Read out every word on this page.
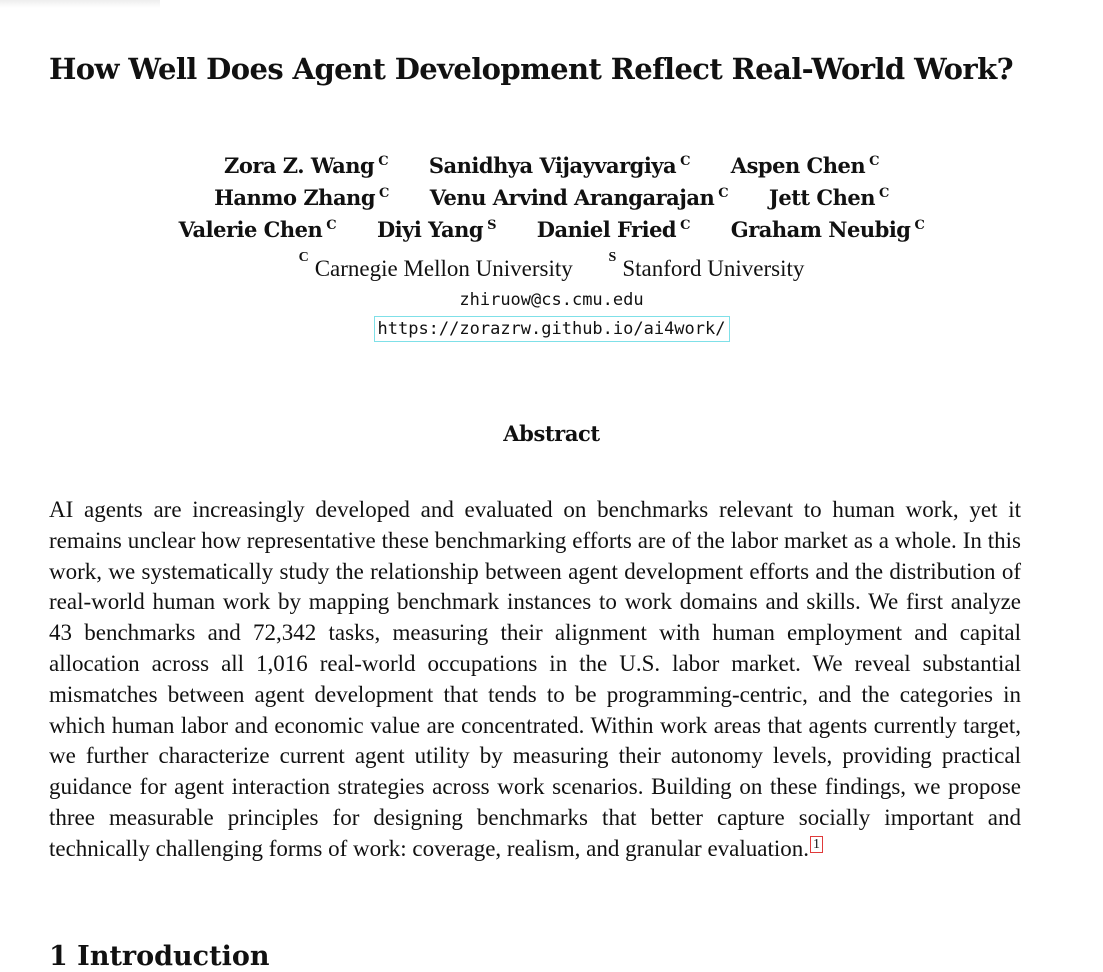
How Well Does Agent Development Reflect Real-World Work?
Zora Z. Wang $^C$ Sanidhya Vijayvargiya $^C$ Aspen Chen $^C$
Hanmo Zhang $^C$ Venu Arvind Arangarajan $^C$ Jett Chen $^C$
Valerie Chen $^C$ Diyi Yang $^S$ Daniel Fried $^C$ Graham Neubig $^C$
$^C$ Carnegie Mellon University	$^S$ Stanford University
zhiruow@cs.cmu.edu
https://zorazrw.github.io/ai4work/
Abstract
AI agents are increasingly developed and evaluated on benchmarks relevant to human work, yet it remains unclear how representative these benchmarking efforts are of the labor market as a whole. In this work, we systematically study the relationship between agent development efforts and the distribution of real-world human work by mapping benchmark instances to work domains and skills. We first analyze 43 benchmarks and 72,342 tasks, measuring their alignment with human employment and capital allocation across all 1,016 real-world occupations in the U.S. labor market. We reveal substantial mismatches between agent development that tends to be programming-centric, and the categories in which human labor and economic value are concentrated. Within work areas that agents currently target, we further characterize current agent utility by measuring their autonomy levels, providing practical guidance for agent interaction strategies across work scenarios. Building on these findings, we propose three measurable principles for designing benchmarks that better capture socially important and technically challenging forms of work: coverage, realism, and granular evaluation. 1
1 Introduction
